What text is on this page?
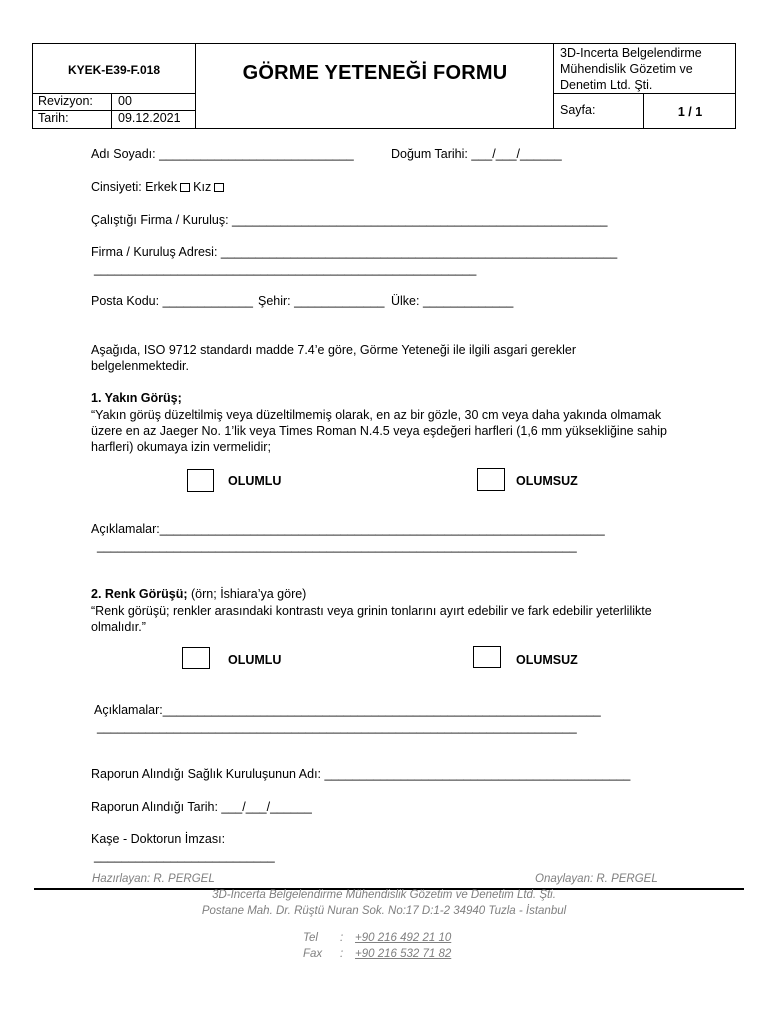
KYEK-E39-F.018	GÖRME YETENEĞİ FORMU
3D-Incerta Belgelendirme
Mühendislik Gözetim ve
Denetim Ltd. Şti.
Revizyon: 00
Tarih:	09.12.2021
Sayfa:	1 / 1
Adı Soyadı: ____________________________	Doğum Tarihi: ___/___/______
Cinsiyeti: Erkek Kız
Çalıştığı Firma / Kuruluş: ______________________________________________________
Firma / Kuruluş Adresi: _________________________________________________________
_______________________________________________________
Posta Kodu: _____________ Şehir: _____________ Ülke: _____________
Aşağıda, ISO 9712 standardı madde 7.4’e göre, Görme Yeteneği ile ilgili asgari gerekler
belgelenmektedir.
1. Yakın Görüş;
“Yakın görüş düzeltilmiş veya düzeltilmemiş olarak, en az bir gözle, 30 cm veya daha yakında olmamak
üzere en az Jaeger No. 1’lik veya Times Roman N.4.5 veya eşdeğeri harfleri (1,6 mm yüksekliğine sahip
harfleri) okumaya izin vermelidir;
OLUMLU	OLUMSUZ
Açıklamalar:________________________________________________________________
_____________________________________________________________________
2. Renk Görüşü; (örn; İshiara’ya göre)
“Renk görüşü; renkler arasındaki kontrastı veya grinin tonlarını ayırt edebilir ve fark edebilir yeterlilikte
olmalıdır.”
OLUMLU	OLUMSUZ
Açıklamalar:_______________________________________________________________
_____________________________________________________________________
Raporun Alındığı Sağlık Kuruluşunun Adı: ____________________________________________
Raporun Alındığı Tarih: ___/___/______
Kaşe - Doktorun İmzası:
__________________________
Hazırlayan: R. PERGEL	Onaylayan: R. PERGEL
3D-Incerta Belgelendirme Mühendislik Gözetim ve Denetim Ltd. Şti.
Postane Mah. Dr. Rüştü Nuran Sok. No:17 D:1-2 34940 Tuzla - İstanbul
Tel : +90 216 492 21 10
Fax : +90 216 532 71 82
